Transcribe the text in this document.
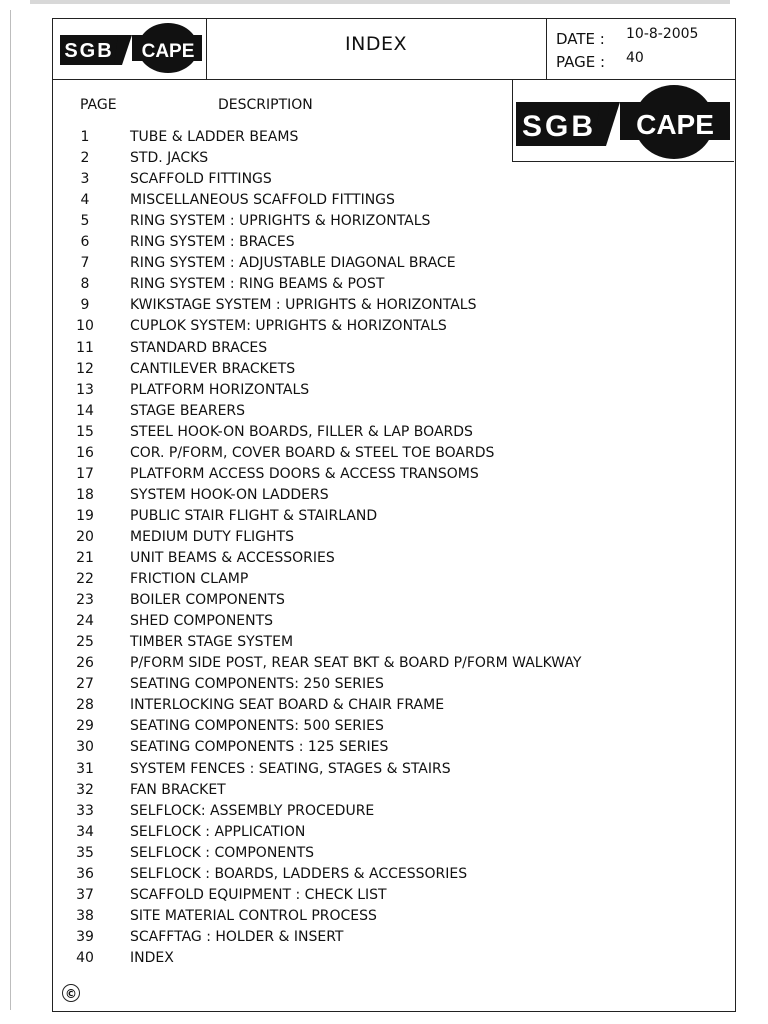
SGB CAPE	INDEX	DATE : 10-8-2005
PAGE : 40
SGB CAPE
PAGE	DESCRIPTION
1	TUBE & LADDER BEAMS
2	STD. JACKS
3	SCAFFOLD FITTINGS
4	MISCELLANEOUS SCAFFOLD FITTINGS
5	RING SYSTEM : UPRIGHTS & HORIZONTALS
6	RING SYSTEM : BRACES
7	RING SYSTEM : ADJUSTABLE DIAGONAL BRACE
8	RING SYSTEM : RING BEAMS & POST
9	KWIKSTAGE SYSTEM : UPRIGHTS & HORIZONTALS
10	CUPLOK SYSTEM: UPRIGHTS & HORIZONTALS
11	STANDARD BRACES
12	CANTILEVER BRACKETS
13	PLATFORM HORIZONTALS
14	STAGE BEARERS
15	STEEL HOOK-ON BOARDS, FILLER & LAP BOARDS
16	COR. P/FORM, COVER BOARD & STEEL TOE BOARDS
17	PLATFORM ACCESS DOORS & ACCESS TRANSOMS
18	SYSTEM HOOK-ON LADDERS
19	PUBLIC STAIR FLIGHT & STAIRLAND
20	MEDIUM DUTY FLIGHTS
21	UNIT BEAMS & ACCESSORIES
22	FRICTION CLAMP
23	BOILER COMPONENTS
24	SHED COMPONENTS
25	TIMBER STAGE SYSTEM
26	P/FORM SIDE POST, REAR SEAT BKT & BOARD P/FORM WALKWAY
27	SEATING COMPONENTS: 250 SERIES
28	INTERLOCKING SEAT BOARD & CHAIR FRAME
29	SEATING COMPONENTS: 500 SERIES
30	SEATING COMPONENTS : 125 SERIES
31	SYSTEM FENCES : SEATING, STAGES & STAIRS
32	FAN BRACKET
33	SELFLOCK: ASSEMBLY PROCEDURE
34	SELFLOCK : APPLICATION
35	SELFLOCK : COMPONENTS
36	SELFLOCK : BOARDS, LADDERS & ACCESSORIES
37	SCAFFOLD EQUIPMENT : CHECK LIST
38	SITE MATERIAL CONTROL PROCESS
39	SCAFFTAG : HOLDER & INSERT
40	INDEX
©
